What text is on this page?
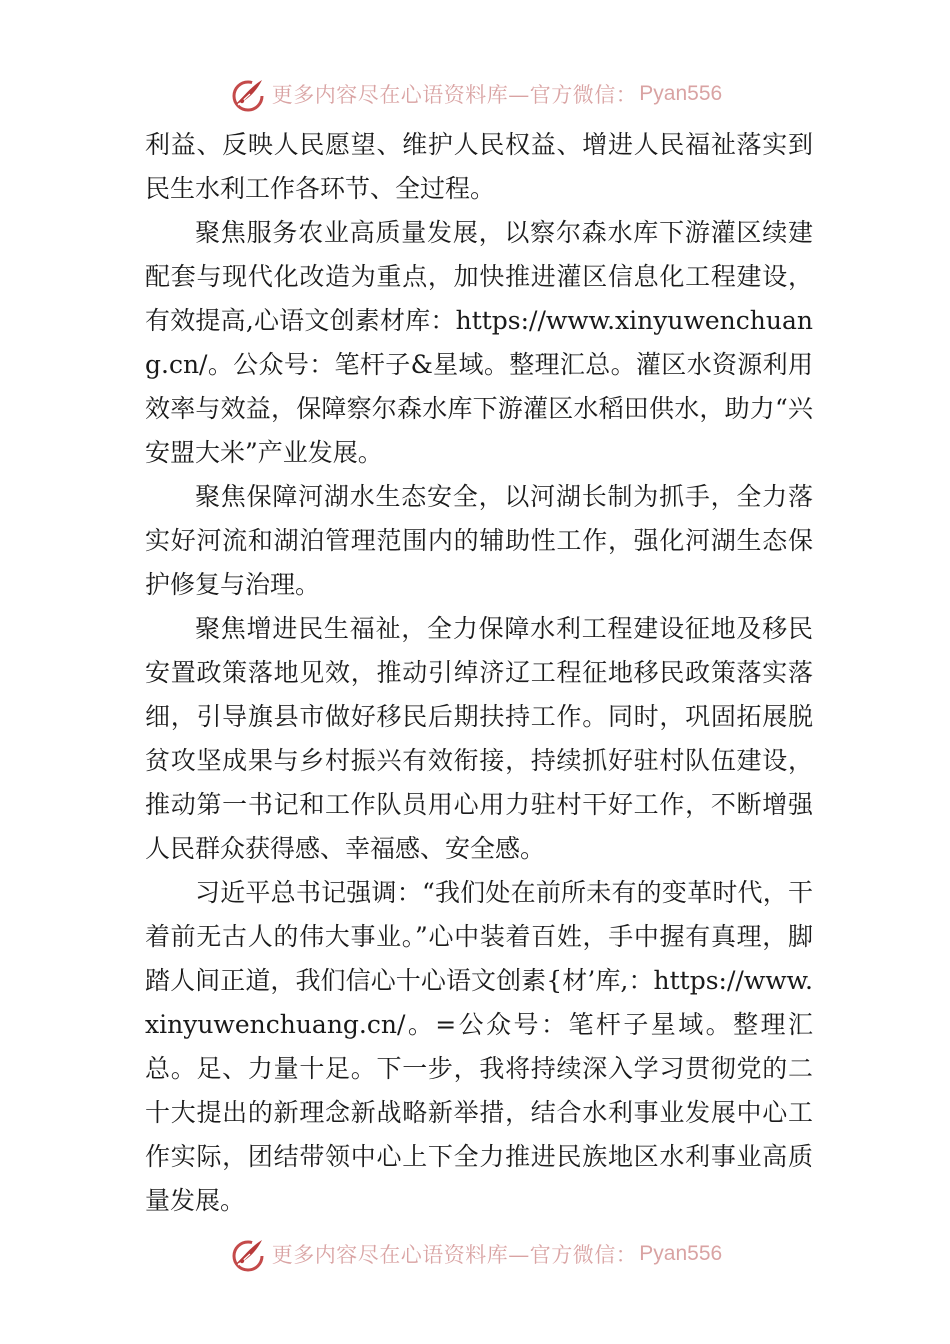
更多内容尽在心语资料库—官方微信： Pyan556

利益、反映人民愿望、维护人民权益、增进人民福祉落实到民生水利工作各环节、全过程。

聚焦服务农业高质量发展，以察尔森水库下游灌区续建配套与现代化改造为重点，加快推进灌区信息化工程建设，有效提高,心语文创素材库：https://www.xinyuwenchuang.cn/。公众号：笔杆子&星域。整理汇总。灌区水资源利用效率与效益，保障察尔森水库下游灌区水稻田供水，助力“兴安盟大米”产业发展。

聚焦保障河湖水生态安全，以河湖长制为抓手，全力落实好河流和湖泊管理范围内的辅助性工作，强化河湖生态保护修复与治理。

聚焦增进民生福祉，全力保障水利工程建设征地及移民安置政策落地见效，推动引绰济辽工程征地移民政策落实落细，引导旗县市做好移民后期扶持工作。同时，巩固拓展脱贫攻坚成果与乡村振兴有效衔接，持续抓好驻村队伍建设，推动第一书记和工作队员用心用力驻村干好工作，不断增强人民群众获得感、幸福感、安全感。

习近平总书记强调：“我们处在前所未有的变革时代，干着前无古人的伟大事业。”心中装着百姓，手中握有真理，脚踏人间正道，我们信心十心语文创素{材’库,：https://www.xinyuwenchuang.cn/。=公众号：笔杆子星域。整理汇总。足、力量十足。下一步，我将持续深入学习贯彻党的二十大提出的新理念新战略新举措，结合水利事业发展中心工作实际，团结带领中心上下全力推进民族地区水利事业高质量发展。

更多内容尽在心语资料库—官方微信： Pyan556
